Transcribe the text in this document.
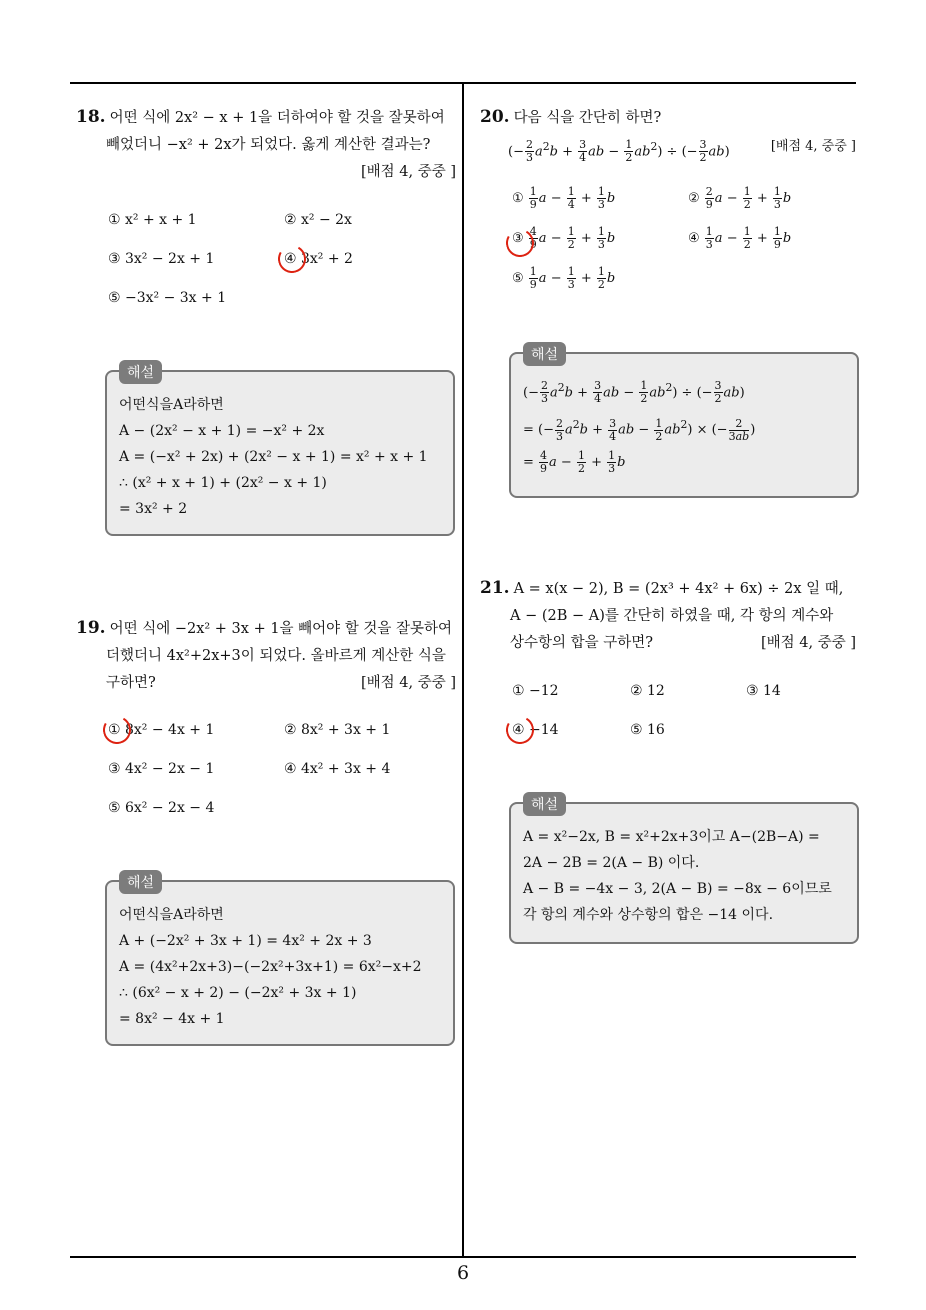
18. 어떤 식에 2x² − x + 1을 더하여야 할 것을 잘못하여
빼었더니 −x² + 2x가 되었다. 옳게 계산한 결과는?
[배점 4, 중중 ]
① x² + x + 1	② x² − 2x
③ 3x² − 2x + 1	④ 3x² + 2
⑤ −3x² − 3x + 1
해설
어떤식을A라하면
A − (2x² − x + 1) = −x² + 2x
A = (−x² + 2x) + (2x² − x + 1) = x² + x + 1
∴ (x² + x + 1) + (2x² − x + 1)
= 3x² + 2
19. 어떤 식에 −2x² + 3x + 1을 빼어야 할 것을 잘못하여
더했더니 4x²+2x+3이 되었다. 올바르게 계산한 식을
구하면?	[배점 4, 중중 ]
① 8x² − 4x + 1	② 8x² + 3x + 1
③ 4x² − 2x − 1	④ 4x² + 3x + 4
⑤ 6x² − 2x − 4
해설
어떤식을A라하면
A + (−2x² + 3x + 1) = 4x² + 2x + 3
A = (4x²+2x+3)−(−2x²+3x+1) = 6x²−x+2
∴ (6x² − x + 2) − (−2x² + 3x + 1)
= 8x² − 4x + 1
20. 다음 식을 간단히 하면?
(− $\frac{2}{3} a^2b + \frac{3}{4}$ ab − $\frac{1}{2} ab^2$) ÷ (− $\frac{3}{2} ab$)	[배점 4, 중중 ]
① $\frac{1}{9}$ $a - \frac{1}{4} + \frac{1}{3}$ b	② $\frac{2}{9}$ $a - \frac{1}{2} + \frac{1}{3}$ b
③ $\frac{4}{9}$ $a - \frac{1}{2} + \frac{1}{3}$ b	④ $\frac{1}{3}$ $a - \frac{1}{2} + \frac{1}{9}$ b
⑤ $\frac{1}{9}$ $a - \frac{1}{3} + \frac{1}{2}$ b
해설
(− $\frac{2}{3} a^2b + \frac{3}{4}$ ab − $\frac{1}{2} ab^2$) ÷ (− $\frac{3}{2} ab$)
= (− $\frac{2}{3} a^2b + \frac{3}{4}$ ab − $\frac{1}{2} ab^2$) × (− $\frac{2}{3ab}$ )
= $\frac{4}{9}$ $a - \frac{1}{2} + \frac{1}{3}$ b
21. A = x(x − 2), B = (2x³ + 4x² + 6x) ÷ 2x 일 때,
A − (2B − A)를 간단히 하였을 때, 각 항의 계수와
상수항의 합을 구하면?	[배점 4, 중중 ]
① −12	② 12	③ 14
④ −14	⑤ 16
해설
A = x²−2x, B = x²+2x+3이고 A−(2B−A) =
2A − 2B = 2(A − B) 이다.
A − B = −4x − 3, 2(A − B) = −8x − 6이므로
각 항의 계수와 상수항의 합은 −14 이다.
6
